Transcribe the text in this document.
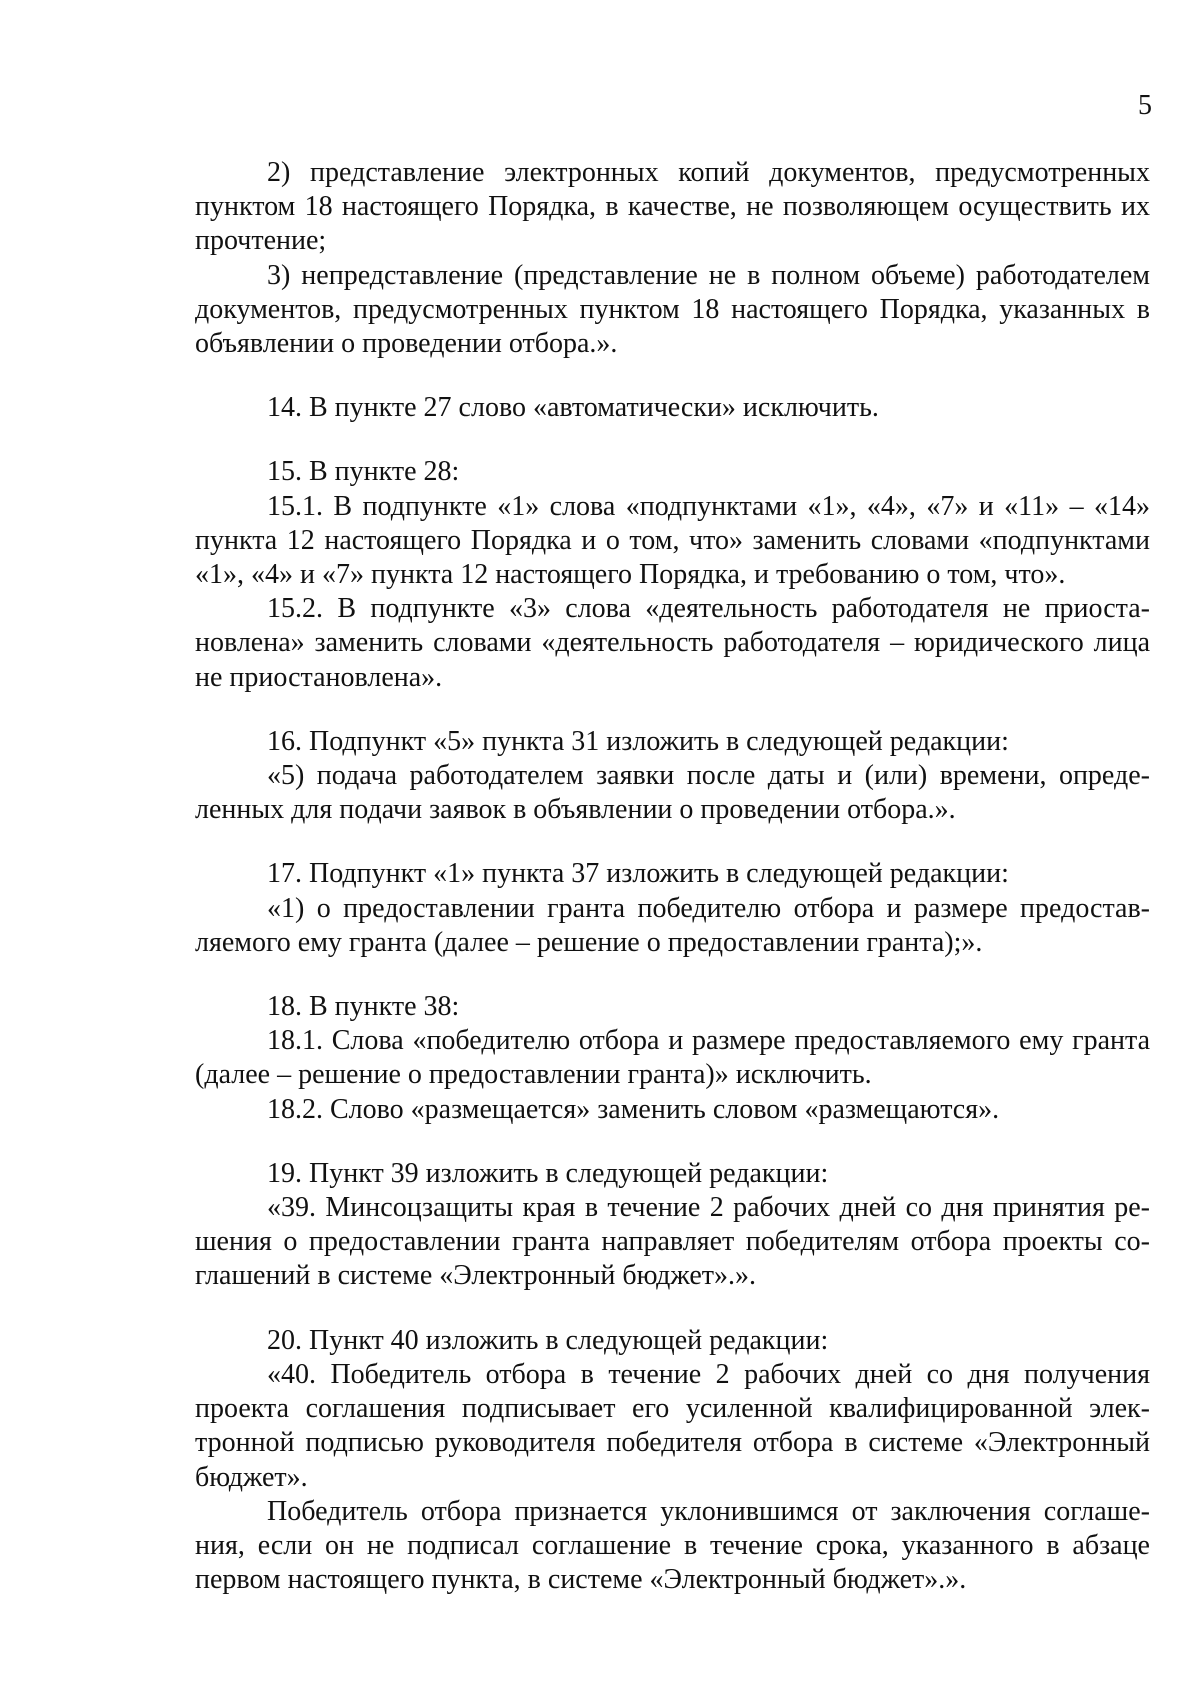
5

2) представление электронных копий документов, предусмотренных пунктом 18 настоящего Порядка, в качестве, не позволяющем осуществить их прочтение;

3) непредставление (представление не в полном объеме) работодателем документов, предусмотренных пунктом 18 настоящего Порядка, указанных в объявлении о проведении отбора.».

14. В пункте 27 слово «автоматически» исключить.

15. В пункте 28:

15.1. В подпункте «1» слова «подпунктами «1», «4», «7» и «11» – «14» пункта 12 настоящего Порядка и о том, что» заменить словами «подпунктами «1», «4» и «7» пункта 12 настоящего Порядка, и требованию о том, что».

15.2. В подпункте «3» слова «деятельность работодателя не приостановлена» заменить словами «деятельность работодателя – юридического лица не приостановлена».

16. Подпункт «5» пункта 31 изложить в следующей редакции:

«5) подача работодателем заявки после даты и (или) времени, определенных для подачи заявок в объявлении о проведении отбора.».

17. Подпункт «1» пункта 37 изложить в следующей редакции:

«1) о предоставлении гранта победителю отбора и размере предоставляемого ему гранта (далее – решение о предоставлении гранта);».

18. В пункте 38:

18.1. Слова «победителю отбора и размере предоставляемого ему гранта (далее – решение о предоставлении гранта)» исключить.

18.2. Слово «размещается» заменить словом «размещаются».

19. Пункт 39 изложить в следующей редакции:

«39. Минсоцзащиты края в течение 2 рабочих дней со дня принятия решения о предоставлении гранта направляет победителям отбора проекты соглашений в системе «Электронный бюджет».».

20. Пункт 40 изложить в следующей редакции:

«40. Победитель отбора в течение 2 рабочих дней со дня получения проекта соглашения подписывает его усиленной квалифицированной электронной подписью руководителя победителя отбора в системе «Электронный бюджет».

Победитель отбора признается уклонившимся от заключения соглашения, если он не подписал соглашение в течение срока, указанного в абзаце первом настоящего пункта, в системе «Электронный бюджет».».
